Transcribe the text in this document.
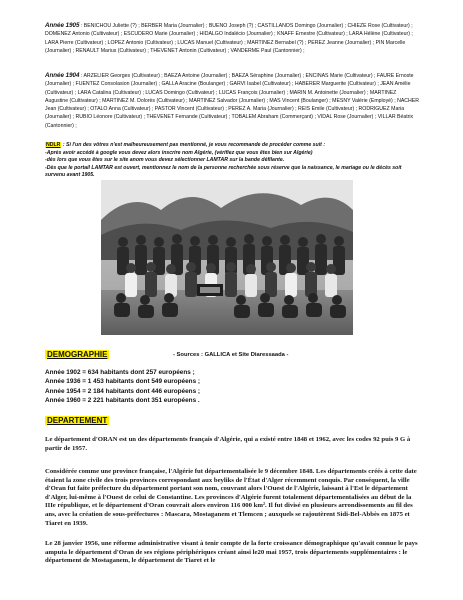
Année 1905 : BENICHOU Juliette (?) ; BERBER Maria (Journalier) ; BUENO Joseph (?) ; CASTILLANOS Domingo (Journalier) ; CHIEZE Rose (Cultivateur) ; DOMENEZ Antonio (Cultivateur) ; ESCUDERO Marie (Journalier) ; HIDALGO Indalécio (Journalier) ; KNAFF Ernestre (Cultivateur) ; LARA Hélène (Cultivateur) ; LARA Pierre (Cultivateur) ; LOPEZ Antonio (Cultivateur) ; LUCAS Manuel (Cultivateur) ; MARTINEZ Bernabel (?) ; PEREZ Jeanne (Journalier) ; PIN Marcelle (Journalier) ; RENAULT Marius (Cultivateur) ; THEVENET Antonin (Cultivateur) ; VANDERME Paul (Cantonnier) ;
Année 1904 : ARZELIER Georges (Cultivateur) ; BAEZA Antoine (Journalier) ; BAEZA Séraphine (Journalier) ; ENCINAS Marie (Cultivateur) ; FAURE Ernoste (Journalier) ; FUENTEZ Consolasion (Journalier) ; GALLA Aracine (Boulanger) ; GARVI Isabel (Cultivateur) ; HABERER Marguerite (Cultivateur) ; JEAN Amélie (Cultivateur) ; LARA Catalina (Cultivateur) ; LUCAS Domingo (Cultivateur) ; LUCAS François (Journalier) ; MARIN M. Antoinette (Journalier) ; MARTINEZ Augustine (Cultivateur) ; MARTINEZ M. Dolorès (Cultivateur) ; MARTINEZ Salvador (Journalier) ; MAS Vincent (Boulanger) ; MESNY Valérie (Employé) ; NACHER Jean (Cultivateur) ; OTALO Anna (Cultivateur) ; PASTOR Vincent (Cultivateur) ; PEREZ A. Maria (Journalier) ; REIS Emile (Cultivateur) ; RODRIGUEZ Maria (Journalier) ; RUBIO Léonore (Cultivateur) ; THEVENET Fernande (Cultivateur) ; TOBALEM Abraham (Commerçant) ; VIDAL Rose (Journalier) ; VILLAR Béatrix (Cantonnier) ;
NDLR : Si l'un des vôtres n'est malheureusement pas mentionné, je vous recommande de procéder comme suit :
-Après avoir accédé à google vous devez alors inscrire nom Algérie, (vérifiez que vous êtes bien sur Algérie)
-dès lors que vous êtes sur le site anom vous devez sélectionner LAMTAR sur la bande défilante.
-Dès que le portail LAMTAR est ouvert, mentionnez le nom de la personne recherchée sous réserve que la naissance, le mariage ou le décès soit survenu avant 1905.
DEMOGRAPHIE	- Sources : GALLICA et Site Diaressaada -
Année 1902 = 634 habitants dont 257 européens ;
Année 1936 = 1 453 habitants dont 549 européens ;
Année 1954 = 2 184 habitants dont 446 européens ;
Année 1960 = 2 221 habitants dont 351 européens .
DEPARTEMENT
Le département d'ORAN est un des départements français d'Algérie, qui a existé entre 1848 et 1962, avec les codes 92 puis 9 G à partir de 1957.
Considérée comme une province française, l'Algérie fut départementalisée le 9 décembre 1848. Les départements créés à cette date étaient la zone civile des trois provinces correspondant aux beyliks de l'État d'Alger récemment conquis. Par conséquent, la ville d'Oran fut faite préfecture du département portant son nom, couvrant alors l'Ouest de l'Algérie, laissant à l'Est le département d'Alger, lui-même à l'Ouest de celui de Constantine. Les provinces d'Algérie furent totalement départementalisées au début de la IIIe république, et le département d'Oran couvrait alors environ 116 000 km². Il fut divisé en plusieurs arrondissements au fil des ans, avec la création de sous-préfectures : Mascara, Mostaganem et Tlemcen ; auxquels se rajoutèrent Sidi-Bel-Abbès en 1875 et Tiaret en 1939.
Le 28 janvier 1956, une réforme administrative visant à tenir compte de la forte croissance démographique qu'avait connue le pays amputa le département d'Oran de ses régions périphériques créant ainsi le20 mai 1957, trois départements supplémentaires : le département de Mostaganem, le département de Tiaret et le
